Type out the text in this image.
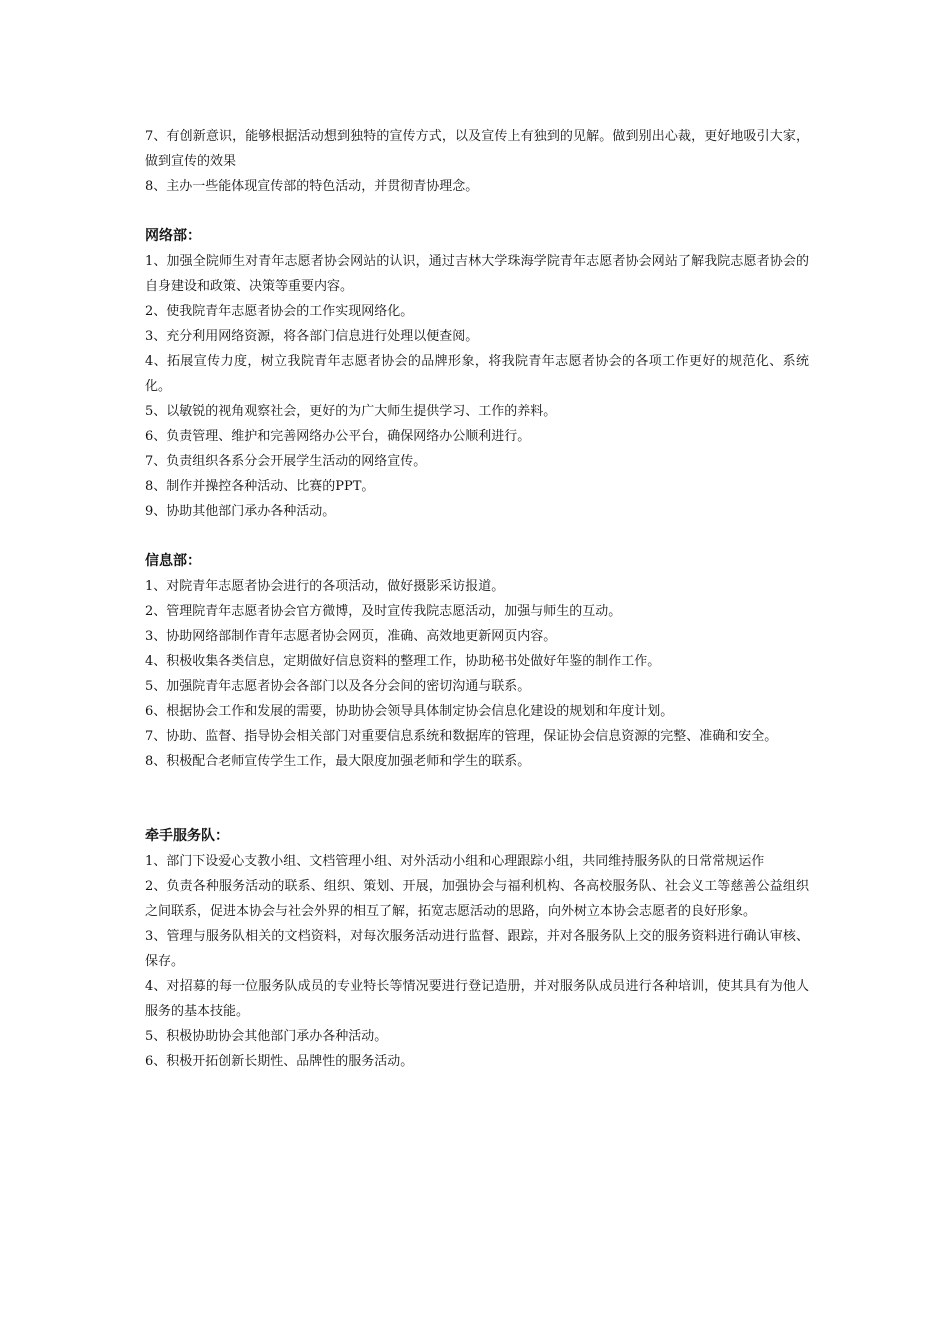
7、有创新意识，能够根据活动想到独特的宣传方式，以及宣传上有独到的见解。做到别出心裁，更好地吸引大家，做到宣传的效果

8、主办一些能体现宣传部的特色活动，并贯彻青协理念。

网络部：

1、加强全院师生对青年志愿者协会网站的认识，通过吉林大学珠海学院青年志愿者协会网站了解我院志愿者协会的自身建设和政策、决策等重要内容。

2、使我院青年志愿者协会的工作实现网络化。

3、充分利用网络资源，将各部门信息进行处理以便查阅。

4、拓展宣传力度，树立我院青年志愿者协会的品牌形象，将我院青年志愿者协会的各项工作更好的规范化、系统化。

5、以敏锐的视角观察社会，更好的为广大师生提供学习、工作的养料。

6、负责管理、维护和完善网络办公平台，确保网络办公顺利进行。

7、负责组织各系分会开展学生活动的网络宣传。

8、制作并操控各种活动、比赛的PPT。

9、协助其他部门承办各种活动。

信息部：

1、对院青年志愿者协会进行的各项活动，做好摄影采访报道。

2、管理院青年志愿者协会官方微博，及时宣传我院志愿活动，加强与师生的互动。

3、协助网络部制作青年志愿者协会网页，准确、高效地更新网页内容。

4、积极收集各类信息，定期做好信息资料的整理工作，协助秘书处做好年鉴的制作工作。

5、加强院青年志愿者协会各部门以及各分会间的密切沟通与联系。

6、根据协会工作和发展的需要，协助协会领导具体制定协会信息化建设的规划和年度计划。

7、协助、监督、指导协会相关部门对重要信息系统和数据库的管理，保证协会信息资源的完整、准确和安全。

8、积极配合老师宣传学生工作，最大限度加强老师和学生的联系。

牵手服务队：

1、部门下设爱心支教小组、文档管理小组、对外活动小组和心理跟踪小组，共同维持服务队的日常常规运作

2、负责各种服务活动的联系、组织、策划、开展，加强协会与福利机构、各高校服务队、社会义工等慈善公益组织之间联系，促进本协会与社会外界的相互了解，拓宽志愿活动的思路，向外树立本协会志愿者的良好形象。

3、管理与服务队相关的文档资料，对每次服务活动进行监督、跟踪，并对各服务队上交的服务资料进行确认审核、保存。

4、对招募的每一位服务队成员的专业特长等情况要进行登记造册，并对服务队成员进行各种培训，使其具有为他人服务的基本技能。

5、积极协助协会其他部门承办各种活动。

6、积极开拓创新长期性、品牌性的服务活动。
